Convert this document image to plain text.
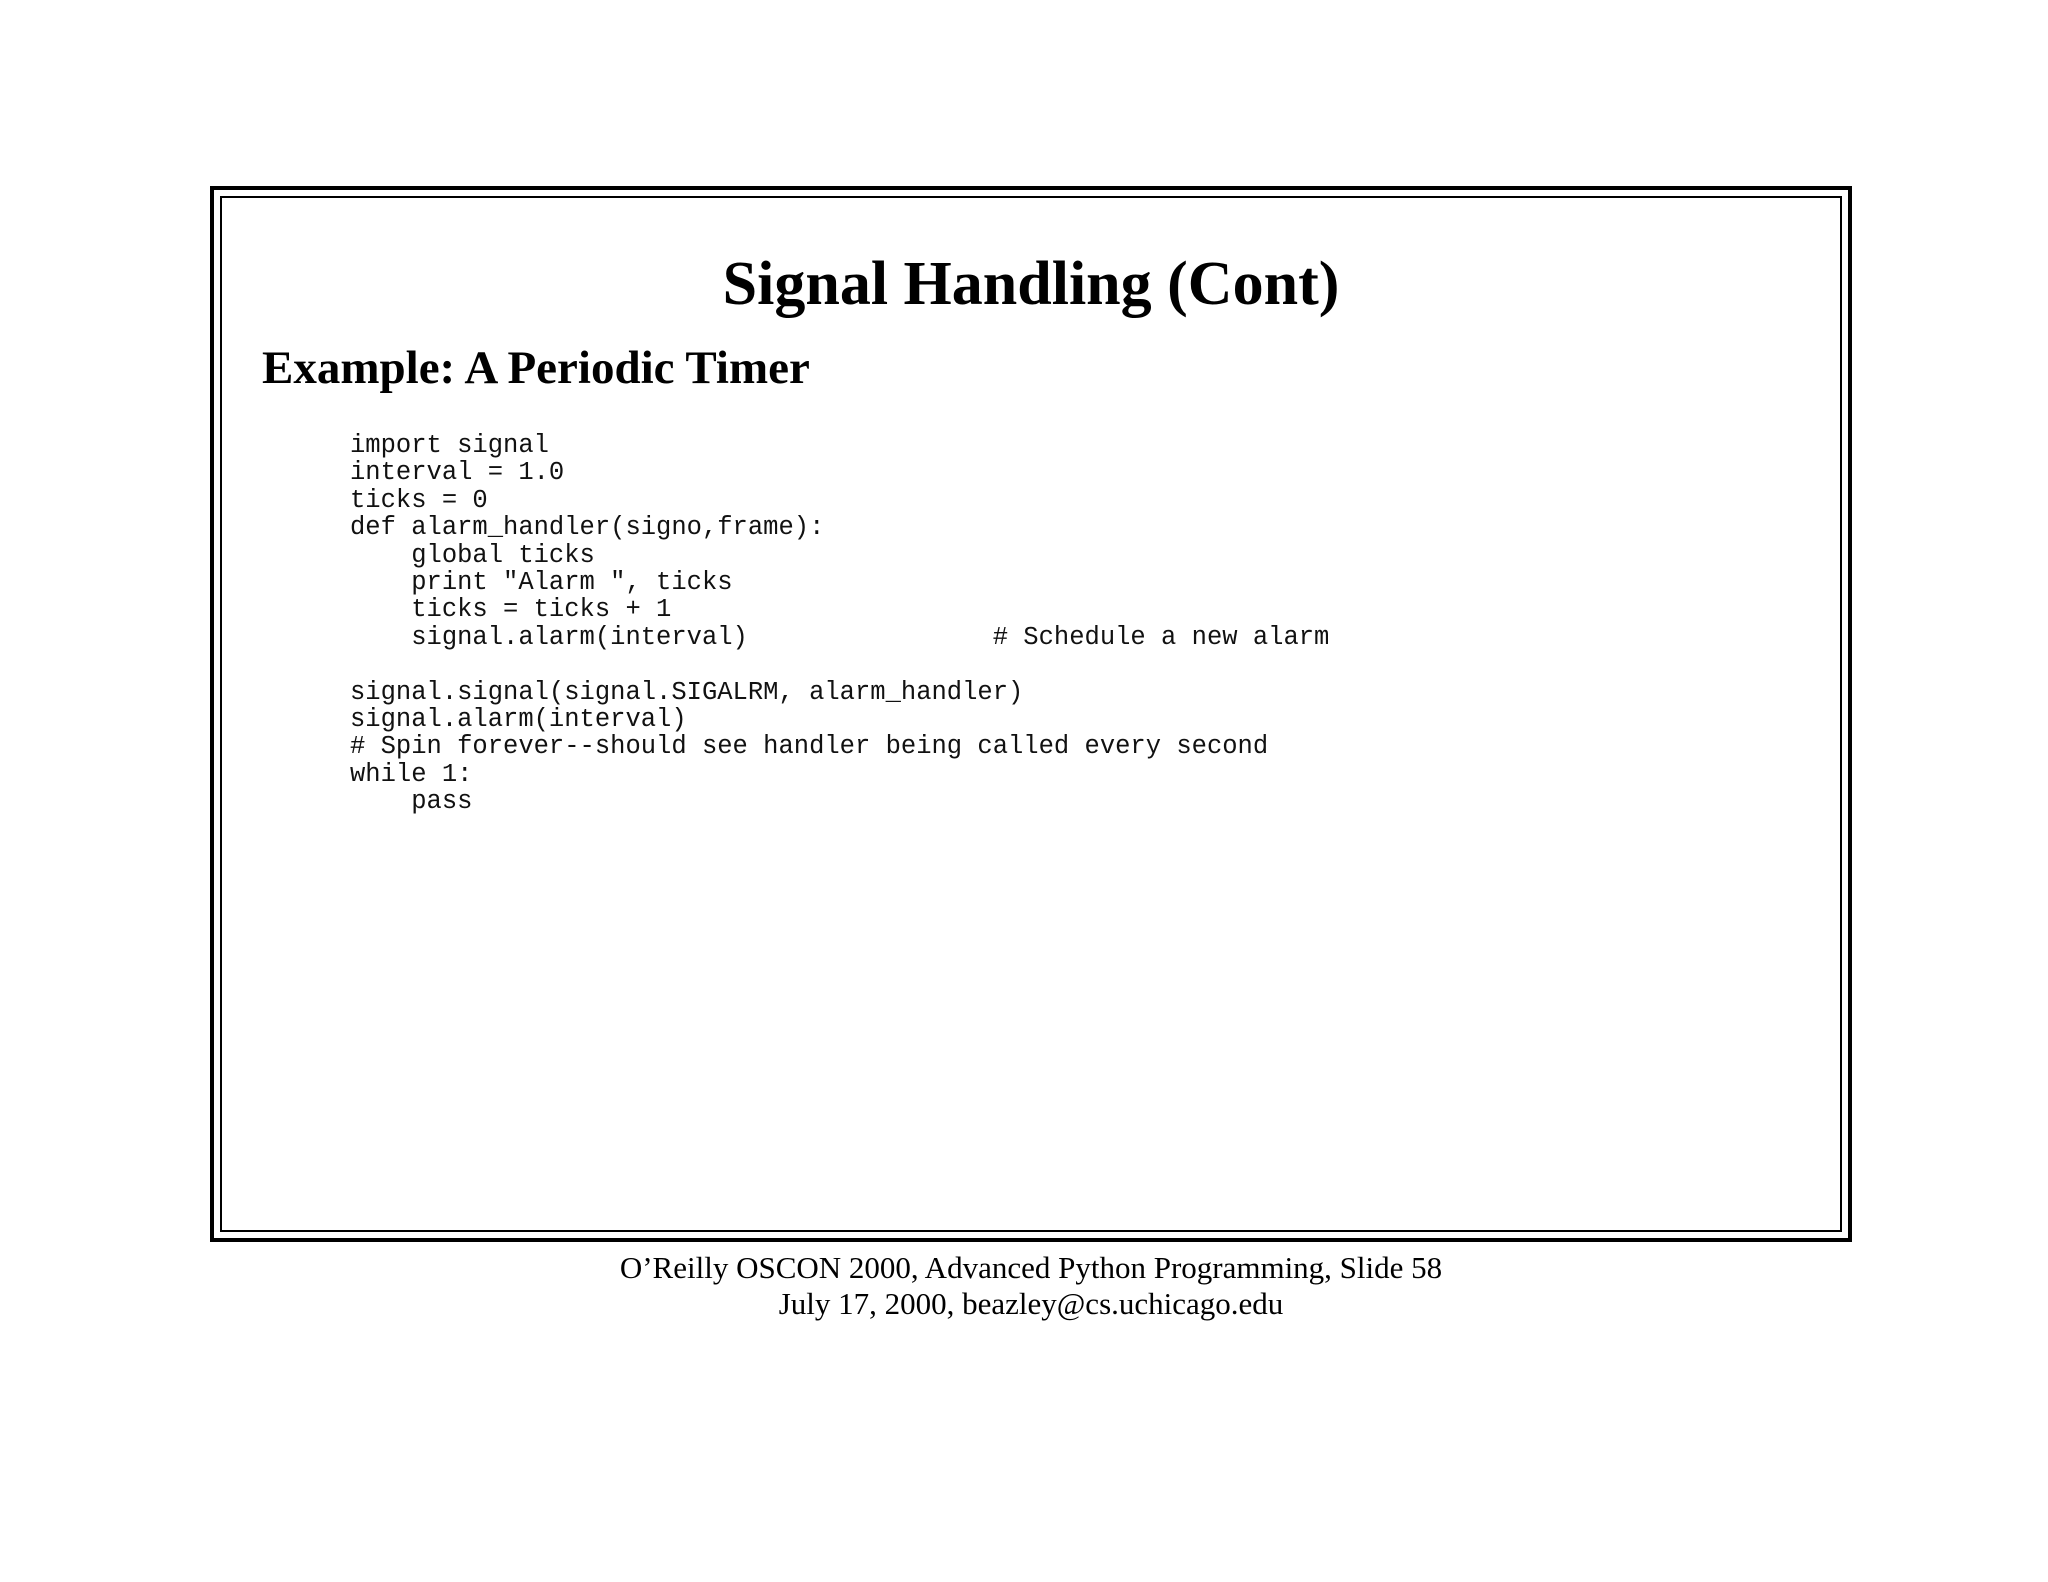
Signal Handling (Cont)
Example: A Periodic Timer
import signal
interval = 1.0
ticks = 0
def alarm_handler(signo,frame):
global ticks
print "Alarm ", ticks
ticks = ticks + 1
signal.alarm(interval)                # Schedule a new alarm
signal.signal(signal.SIGALRM, alarm_handler)
signal.alarm(interval)
# Spin forever--should see handler being called every second
while 1:
pass
O’Reilly OSCON 2000, Advanced Python Programming, Slide 58
July 17, 2000, beazley@cs.uchicago.edu
